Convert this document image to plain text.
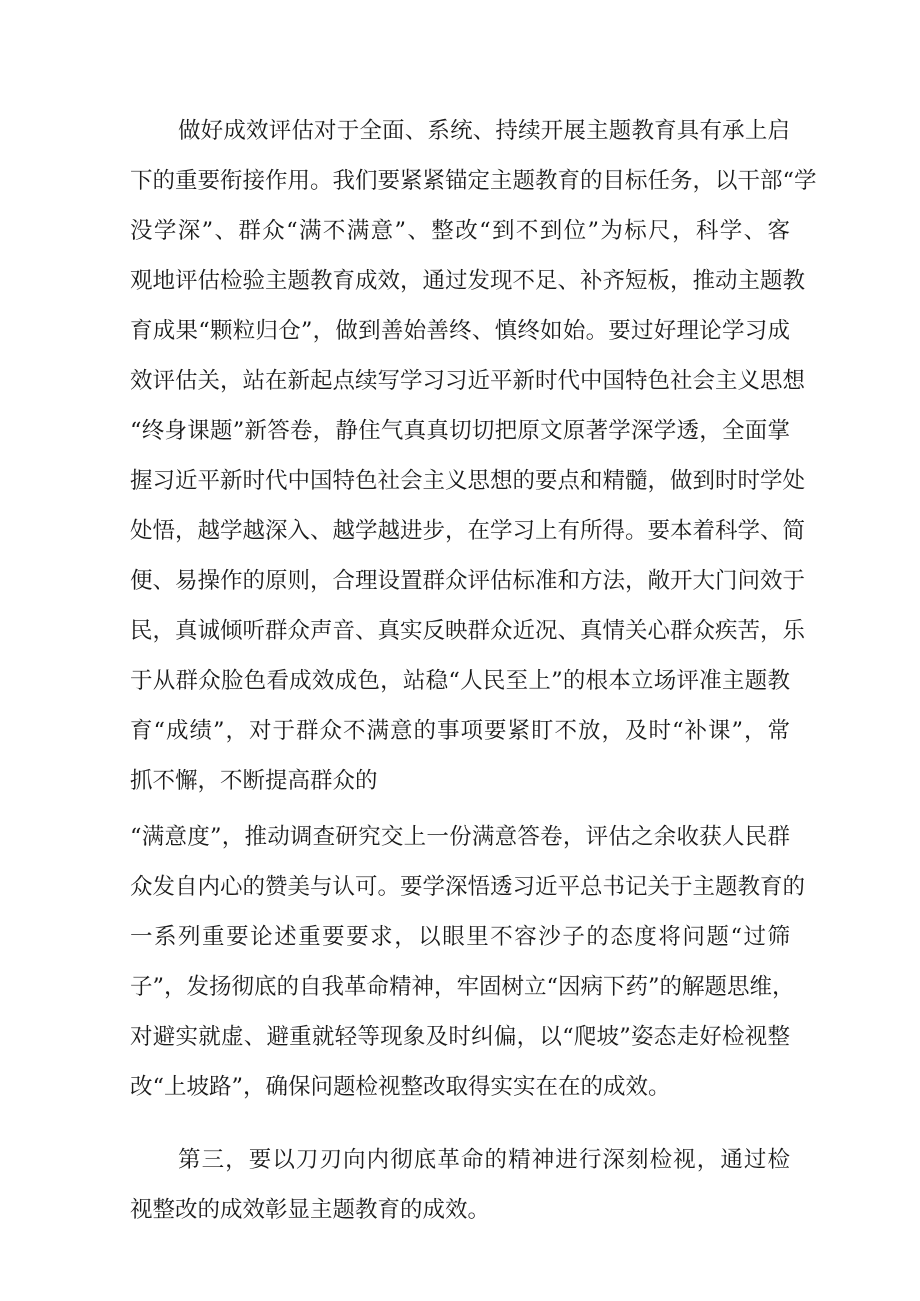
做好成效评估对于全面、系统、持续开展主题教育具有承上启
下的重要衔接作用。我们要紧紧锚定主题教育的目标任务，以干部“学
没学深”、群众“满不满意”、整改“到不到位”为标尺，科学、客
观地评估检验主题教育成效，通过发现不足、补齐短板，推动主题教
育成果“颗粒归仓”，做到善始善终、慎终如始。要过好理论学习成
效评估关，站在新起点续写学习习近平新时代中国特色社会主义思想
“终身课题”新答卷，静住气真真切切把原文原著学深学透，全面掌
握习近平新时代中国特色社会主义思想的要点和精髓，做到时时学处
处悟，越学越深入、越学越进步，在学习上有所得。要本着科学、简
便、易操作的原则，合理设置群众评估标准和方法，敞开大门问效于
民，真诚倾听群众声音、真实反映群众近况、真情关心群众疾苦，乐
于从群众脸色看成效成色，站稳“人民至上”的根本立场评准主题教
育“成绩”，对于群众不满意的事项要紧盯不放，及时“补课”，常
抓不懈，不断提高群众的
“满意度”，推动调查研究交上一份满意答卷，评估之余收获人民群
众发自内心的赞美与认可。要学深悟透习近平总书记关于主题教育的
一系列重要论述重要要求，以眼里不容沙子的态度将问题“过筛
子”，发扬彻底的自我革命精神，牢固树立“因病下药”的解题思维，
对避实就虚、避重就轻等现象及时纠偏，以“爬坡”姿态走好检视整
改“上坡路”，确保问题检视整改取得实实在在的成效。
第三，要以刀刃向内彻底革命的精神进行深刻检视，通过检
视整改的成效彰显主题教育的成效。
